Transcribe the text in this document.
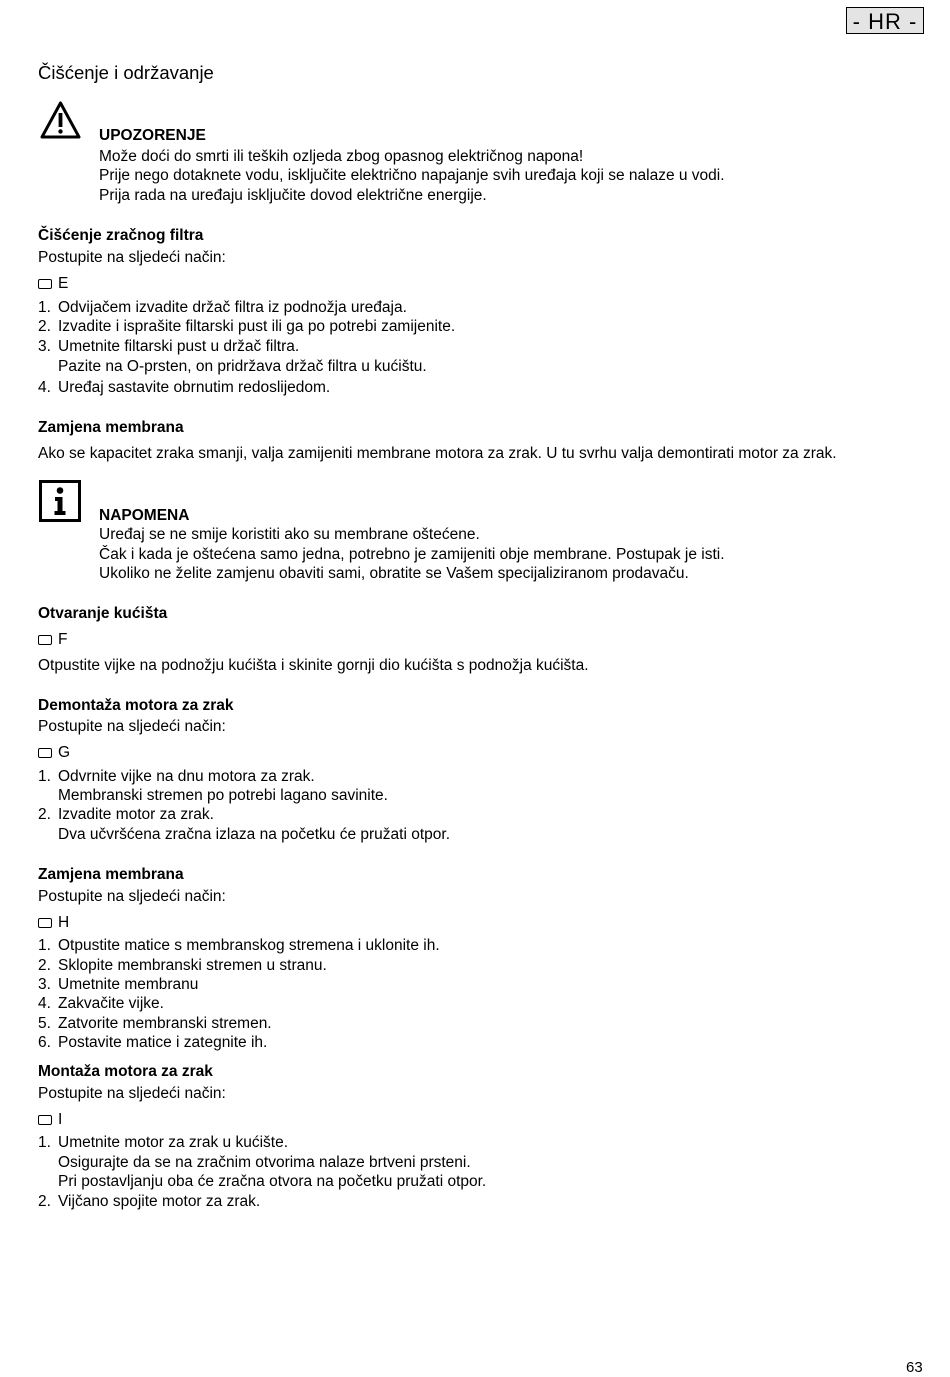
- HR -
Čišćenje i održavanje
UPOZORENJE
Može doći do smrti ili teških ozljeda zbog opasnog električnog napona!
Prije nego dotaknete vodu, isključite električno napajanje svih uređaja koji se nalaze u vodi.
Prija rada na uređaju isključite dovod električne energije.
Čišćenje zračnog filtra
Postupite na sljedeći način:
E
1. Odvijačem izvadite držač filtra iz podnožja uređaja.
2. Izvadite i isprašite filtarski pust ili ga po potrebi zamijenite.
3. Umetnite filtarski pust u držač filtra.
Pazite na O-prsten, on pridržava držač filtra u kućištu.
4. Uređaj sastavite obrnutim redoslijedom.
Zamjena membrana
Ako se kapacitet zraka smanji, valja zamijeniti membrane motora za zrak. U tu svrhu valja demontirati motor za zrak.
NAPOMENA
Uređaj se ne smije koristiti ako su membrane oštećene.
Čak i kada je oštećena samo jedna, potrebno je zamijeniti obje membrane. Postupak je isti.
Ukoliko ne želite zamjenu obaviti sami, obratite se Vašem specijaliziranom prodavaču.
Otvaranje kućišta
F
Otpustite vijke na podnožju kućišta i skinite gornji dio kućišta s podnožja kućišta.
Demontaža motora za zrak
Postupite na sljedeći način:
G
1. Odvrnite vijke na dnu motora za zrak.
Membranski stremen po potrebi lagano savinite.
2. Izvadite motor za zrak.
Dva učvršćena zračna izlaza na početku će pružati otpor.
Zamjena membrana
Postupite na sljedeći način:
H
1. Otpustite matice s membranskog stremena i uklonite ih.
2. Sklopite membranski stremen u stranu.
3. Umetnite membranu
4. Zakvačite vijke.
5. Zatvorite membranski stremen.
6. Postavite matice i zategnite ih.
Montaža motora za zrak
Postupite na sljedeći način:
I
1. Umetnite motor za zrak u kućište.
Osigurajte da se na zračnim otvorima nalaze brtveni prsteni.
Pri postavljanju oba će zračna otvora na početku pružati otpor.
2. Vijčano spojite motor za zrak.
63
